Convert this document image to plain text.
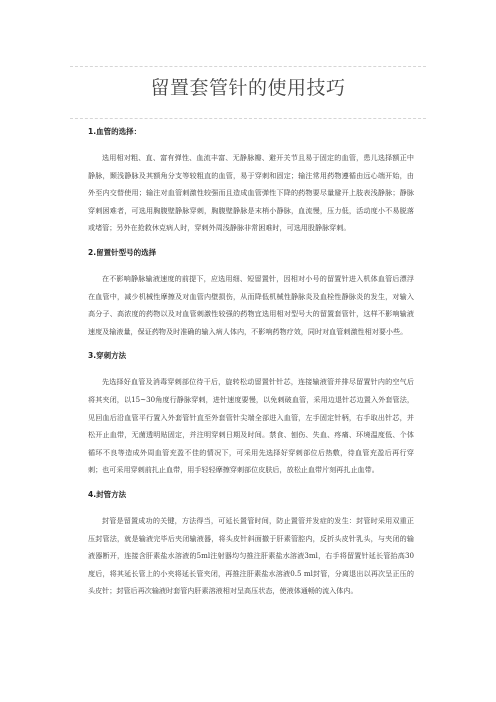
留置套管针的使用技巧
1.血管的选择：

选用相对粗、直、富有弹性、血流丰富、无静脉瓣、避开关节且易于固定的血管，患儿选择额正中静脉，颞浅静脉及其额角分支等较粗直的血管，易于穿刺和固定；输注常用药物遵循由远心端开始，由外至内交替使用；输注对血管刺激性较强而且造成血管弹性下降的药物要尽量避开上肢表浅静脉；静脉穿刺困难者，可选用胸腹壁静脉穿刺，胸腹壁静脉是末梢小静脉，血流慢，压力低，活动度小不易脱落或堵管；另外在抢救休克病人时，穿刺外周浅静脉非常困难时，可选用股静脉穿刺。

2.留置针型号的选择

在不影响静脉输液速度的前提下，应选用细、短留置针，因相对小号的留置针进入机体血管后漂浮在血管中，减少机械性摩擦及对血管内壁损伤，从而降低机械性静脉炎及血栓性静脉炎的发生，对输入高分子、高浓度的药物以及对血管刺激性较强的药物宜选用相对型号大的留置套管针，这样不影响输液速度及输液量，保证药物及时准确的输入病人体内，不影响药物疗效，同时对血管刺激性相对要小些。

3.穿刺方法

先选择好血管及消毒穿刺部位待干后，旋转松动留置针针芯，连接输液管并排尽留置针内的空气后将其夹闭，以15~30角度行静脉穿刺，进针速度要慢，以免刺破血管，采用边退针芯边置入外套管法，见回血后沿血管平行置入外套管针直至外套管针尖端全部进入血管，左手固定针柄，右手取出针芯，并松开止血带，无菌透明贴固定，并注明穿刺日期及时间。禁食、刨伤、失血、疼痛、环境温度低、个体循环不良等造成外周血管充盈不佳的情况下，可采用先选择好穿刺部位后热敷，待血管充盈后再行穿刺；也可采用穿刺前扎止血带，用手轻轻摩擦穿刺部位皮肤后，放松止血带片刻再扎止血带。

4.封管方法

封管是留置成功的关键，方法得当，可延长置管时间，防止置管并发症的发生：封管时采用双重正压封管法，就是输液完毕后夹闭输液器，将头皮针斜面撤于肝素管腔内，反折头皮针乳头，与夹闭的输液器断开，连接含肝素盐水溶液的5ml注射器均匀推注肝素盐水溶液3ml，右手将留置针延长管抬高30度后，将其延长管上的小夹将延长管夹闭，再推注肝素盐水溶液0.5 ml封管，分离退出以再次呈正压的头皮针；封管后再次输液时套管内肝素溶液相对呈高压状态，使液体通畅的流入体内。
